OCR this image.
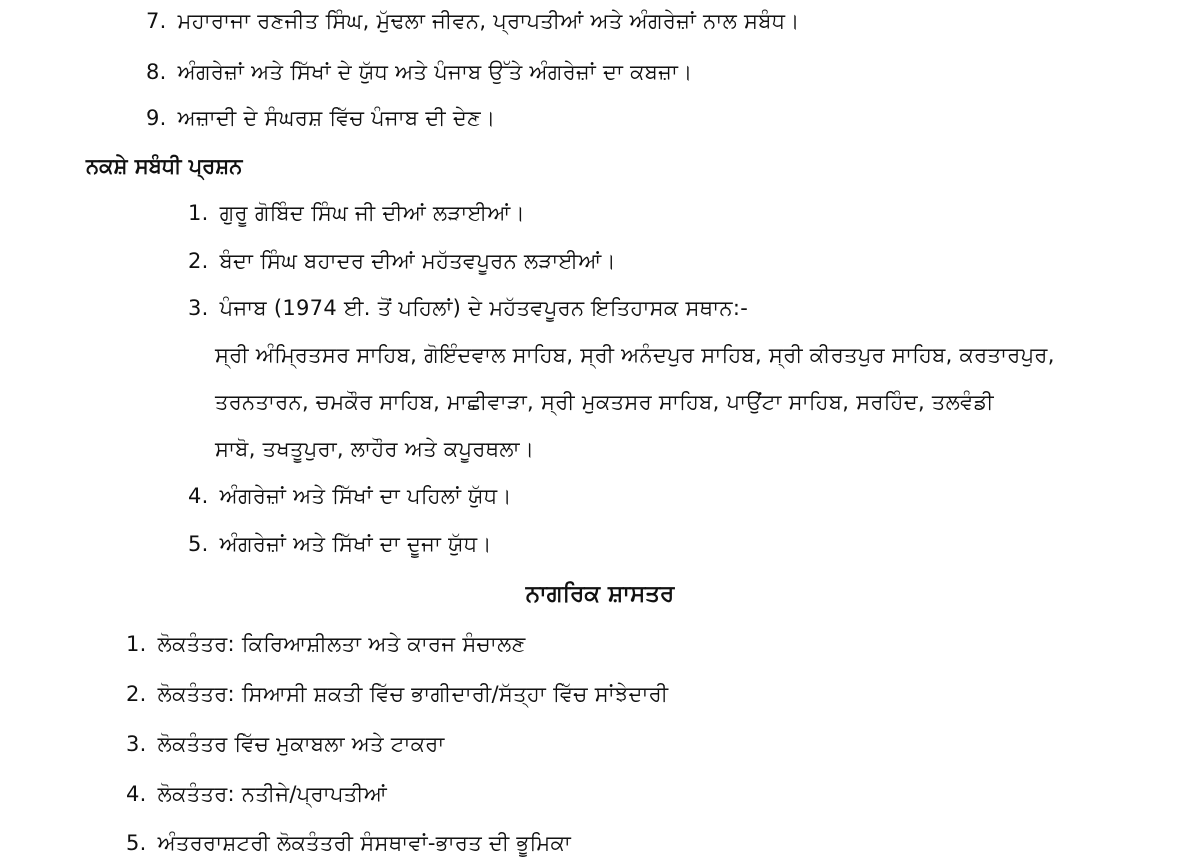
7. ਮਹਾਰਾਜਾ ਰਣਜੀਤ ਸਿੰਘ, ਮੁੱਢਲਾ ਜੀਵਨ, ਪ੍ਰਾਪਤੀਆਂ ਅਤੇ ਅੰਗਰੇਜ਼ਾਂ ਨਾਲ ਸਬੰਧ।
8. ਅੰਗਰੇਜ਼ਾਂ ਅਤੇ ਸਿੱਖਾਂ ਦੇ ਯੁੱਧ ਅਤੇ ਪੰਜਾਬ ਉੱਤੇ ਅੰਗਰੇਜ਼ਾਂ ਦਾ ਕਬਜ਼ਾ।
9. ਅਜ਼ਾਦੀ ਦੇ ਸੰਘਰਸ਼ ਵਿੱਚ ਪੰਜਾਬ ਦੀ ਦੇਣ।
ਨਕਸ਼ੇ ਸਬੰਧੀ ਪ੍ਰਸ਼ਨ
1. ਗੁਰੂ ਗੋਬਿੰਦ ਸਿੰਘ ਜੀ ਦੀਆਂ ਲੜਾਈਆਂ।
2. ਬੰਦਾ ਸਿੰਘ ਬਹਾਦਰ ਦੀਆਂ ਮਹੱਤਵਪੂਰਨ ਲੜਾਈਆਂ।
3. ਪੰਜਾਬ (1974 ਈ. ਤੋਂ ਪਹਿਲਾਂ) ਦੇ ਮਹੱਤਵਪੂਰਨ ਇਤਿਹਾਸਕ ਸਥਾਨ:-
ਸ੍ਰੀ ਅੰਮ੍ਰਿਤਸਰ ਸਾਹਿਬ, ਗੋਇੰਦਵਾਲ ਸਾਹਿਬ, ਸ੍ਰੀ ਅਨੰਦਪੁਰ ਸਾਹਿਬ, ਸ੍ਰੀ ਕੀਰਤਪੁਰ ਸਾਹਿਬ, ਕਰਤਾਰਪੁਰ,
ਤਰਨਤਾਰਨ, ਚਮਕੌਰ ਸਾਹਿਬ, ਮਾਛੀਵਾੜਾ, ਸ੍ਰੀ ਮੁਕਤਸਰ ਸਾਹਿਬ, ਪਾਉਂਟਾ ਸਾਹਿਬ, ਸਰਹਿੰਦ, ਤਲਵੰਡੀ
ਸਾਬੋ, ਤਖਤੂਪੁਰਾ, ਲਾਹੌਰ ਅਤੇ ਕਪੂਰਥਲਾ।
4. ਅੰਗਰੇਜ਼ਾਂ ਅਤੇ ਸਿੱਖਾਂ ਦਾ ਪਹਿਲਾਂ ਯੁੱਧ।
5. ਅੰਗਰੇਜ਼ਾਂ ਅਤੇ ਸਿੱਖਾਂ ਦਾ ਦੂਜਾ ਯੁੱਧ।
ਨਾਗਰਿਕ ਸ਼ਾਸਤਰ
1. ਲੋਕਤੰਤਰ: ਕਿਰਿਆਸ਼ੀਲਤਾ ਅਤੇ ਕਾਰਜ ਸੰਚਾਲਣ
2. ਲੋਕਤੰਤਰ: ਸਿਆਸੀ ਸ਼ਕਤੀ ਵਿੱਚ ਭਾਗੀਦਾਰੀ/ਸੱਤ੍ਹਾ ਵਿੱਚ ਸਾਂਝੇਦਾਰੀ
3. ਲੋਕਤੰਤਰ ਵਿੱਚ ਮੁਕਾਬਲਾ ਅਤੇ ਟਾਕਰਾ
4. ਲੋਕਤੰਤਰ: ਨਤੀਜੇ/ਪ੍ਰਾਪਤੀਆਂ
5. ਅੰਤਰਰਾਸ਼ਟਰੀ ਲੋਕਤੰਤਰੀ ਸੰਸਥਾਵਾਂ-ਭਾਰਤ ਦੀ ਭੂਮਿਕਾ
